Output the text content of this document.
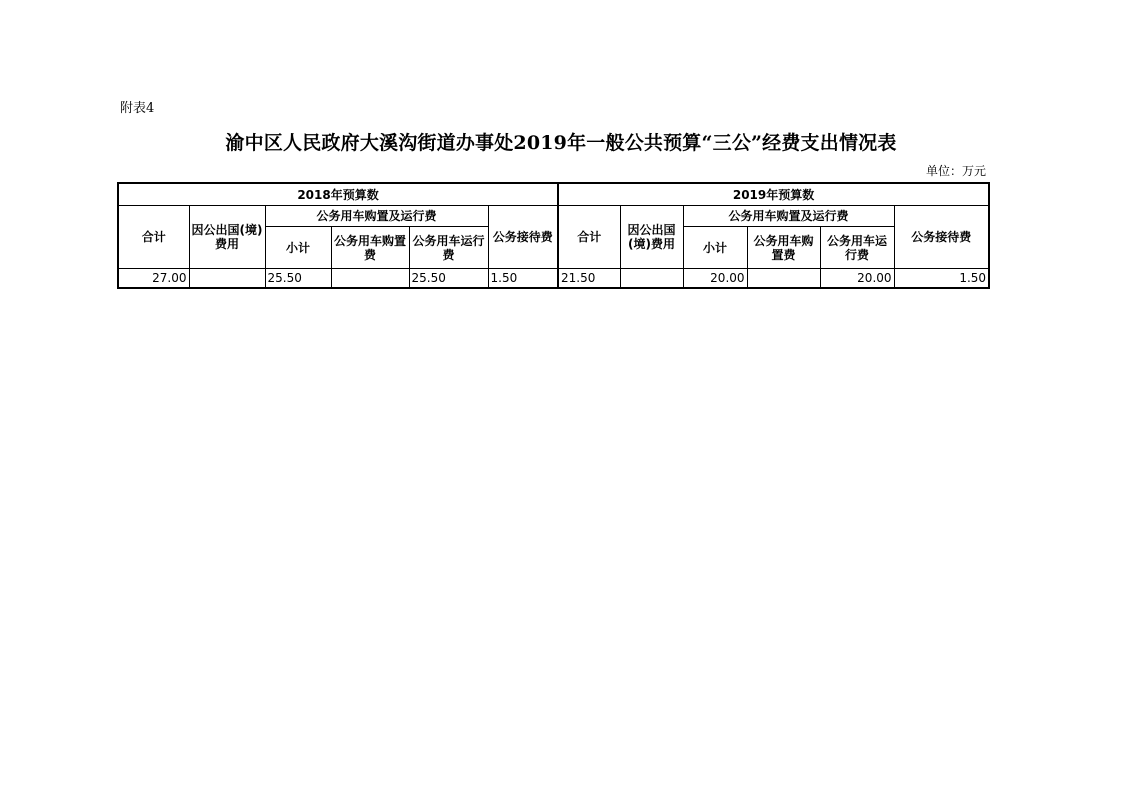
附表4
渝中区人民政府大溪沟街道办事处2019年一般公共预算“三公”经费支出情况表
单位：万元
2018年预算数						2019年预算数					
合计	因公出国(境)费用	公务用车购置及运行费			公务接待费	合计	因公出国(境)费用	公务用车购置及运行费			公务接待费
		小计	公务用车购置费	公务用车运行费				小计	公务用车购置费	公务用车运行费	
27.00		25.50		25.50	1.50	21.50		20.00		20.00	1.50
